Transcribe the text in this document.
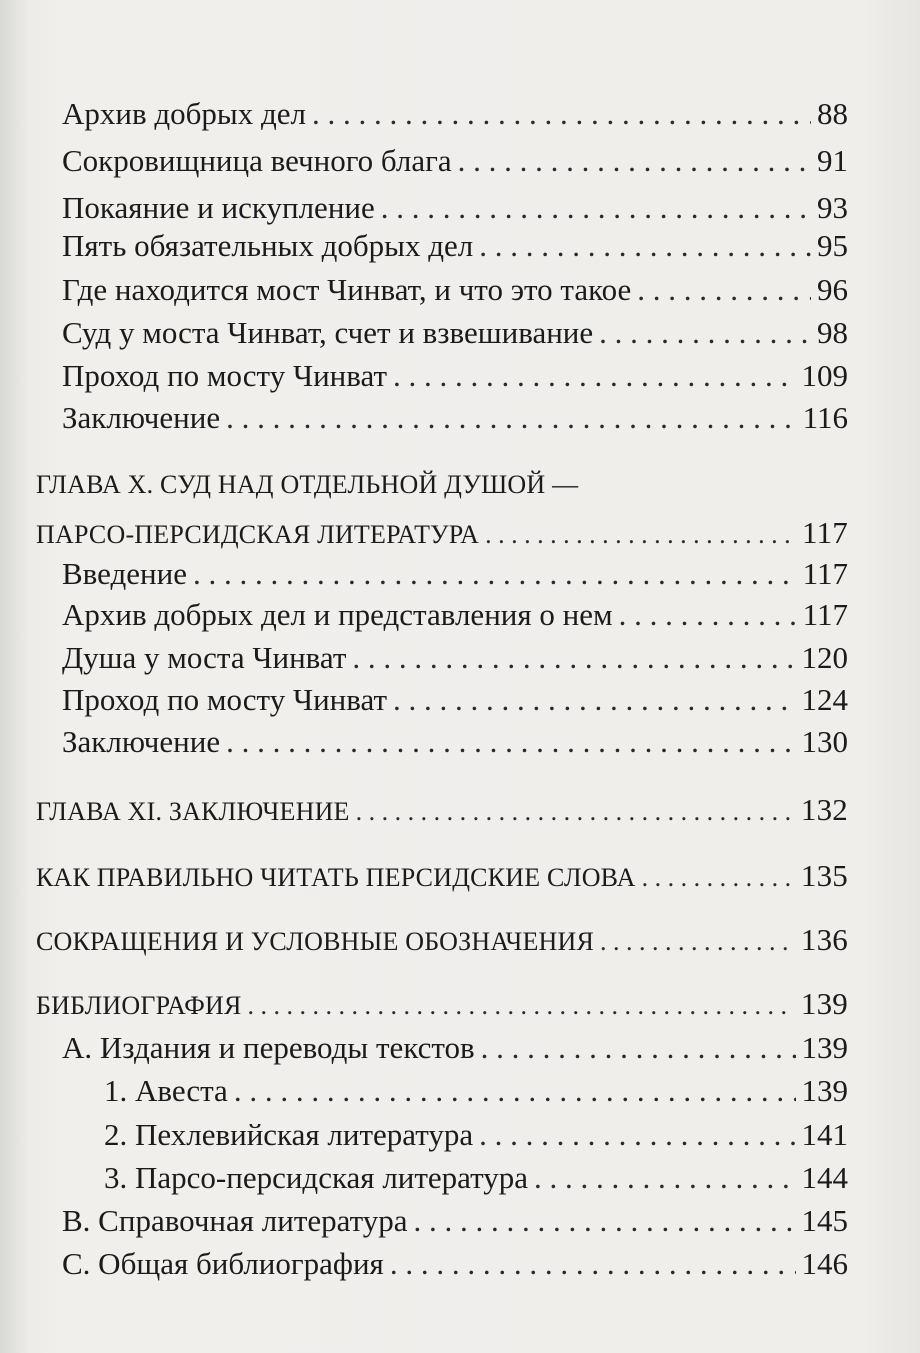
Архив добрых дел . . .	88
Сокровищница вечного блага . . .	91
Покаяние и искупление . . .	93
Пять обязательных добрых дел . . .	95
Где находится мост Чинват, и что это такое . . .	96
Суд у моста Чинват, счет и взвешивание . . .	98
Проход по мосту Чинват . . .	109
Заключение . . .	116
ГЛАВА X. СУД НАД ОТДЕЛЬНОЙ ДУШОЙ —
ПАРСО-ПЕРСИДСКАЯ ЛИТЕРАТУРА . . .	117
Введение . . .	117
Архив добрых дел и представления о нем . . .	117
Душа у моста Чинват . . .	120
Проход по мосту Чинват . . .	124
Заключение . . .	130
ГЛАВА XI. ЗАКЛЮЧЕНИЕ . . .	132
КАК ПРАВИЛЬНО ЧИТАТЬ ПЕРСИДСКИЕ СЛОВА . . .	135
СОКРАЩЕНИЯ И УСЛОВНЫЕ ОБОЗНАЧЕНИЯ . . .	136
БИБЛИОГРАФИЯ . . .	139
А. Издания и переводы текстов . . .	139
1. Авеста . . .	139
2. Пехлевийская литература . . .	141
3. Парсо-персидская литература . . .	144
В. Справочная литература . . .	145
С. Общая библиография . . .	146
